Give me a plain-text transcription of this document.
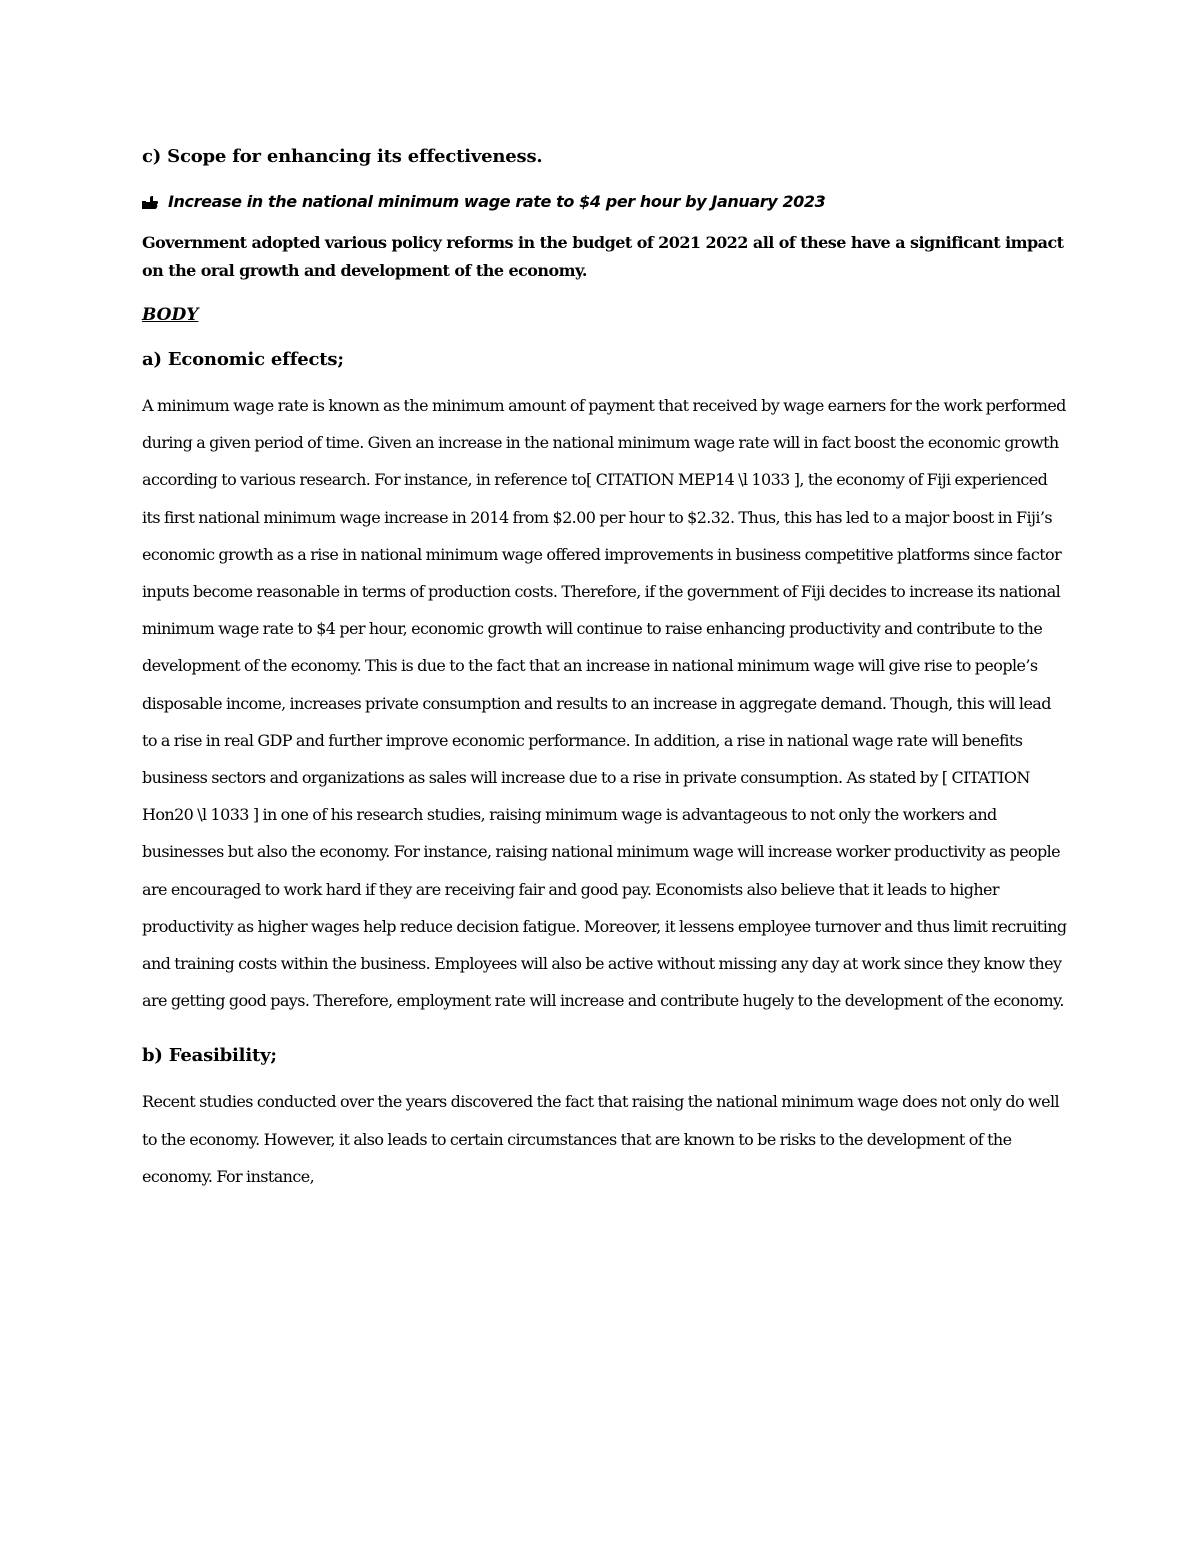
c) Scope for enhancing its effectiveness.

Increase in the national minimum wage rate to $4 per hour by January 2023

Government adopted various policy reforms in the budget of 2021 2022 all of these have a significant impact on the oral growth and development of the economy.

BODY

a) Economic effects;

A minimum wage rate is known as the minimum amount of payment that received by wage earners for the work performed during a given period of time. Given an increase in the national minimum wage rate will in fact boost the economic growth according to various research. For instance, in reference to[ CITATION MEP14 \l 1033 ], the economy of Fiji experienced its first national minimum wage increase in 2014 from $2.00 per hour to $2.32. Thus, this has led to a major boost in Fiji’s economic growth as a rise in national minimum wage offered improvements in business competitive platforms since factor inputs become reasonable in terms of production costs. Therefore, if the government of Fiji decides to increase its national minimum wage rate to $4 per hour, economic growth will continue to raise enhancing productivity and contribute to the development of the economy. This is due to the fact that an increase in national minimum wage will give rise to people’s disposable income, increases private consumption and results to an increase in aggregate demand. Though, this will lead to a rise in real GDP and further improve economic performance. In addition, a rise in national wage rate will benefits business sectors and organizations as sales will increase due to a rise in private consumption. As stated by [ CITATION Hon20 \l 1033 ] in one of his research studies, raising minimum wage is advantageous to not only the workers and businesses but also the economy. For instance, raising national minimum wage will increase worker productivity as people are encouraged to work hard if they are receiving fair and good pay. Economists also believe that it leads to higher productivity as higher wages help reduce decision fatigue. Moreover, it lessens employee turnover and thus limit recruiting and training costs within the business. Employees will also be active without missing any day at work since they know they are getting good pays. Therefore, employment rate will increase and contribute hugely to the development of the economy.

b) Feasibility;

Recent studies conducted over the years discovered the fact that raising the national minimum wage does not only do well to the economy. However, it also leads to certain circumstances that are known to be risks to the development of the economy. For instance,
